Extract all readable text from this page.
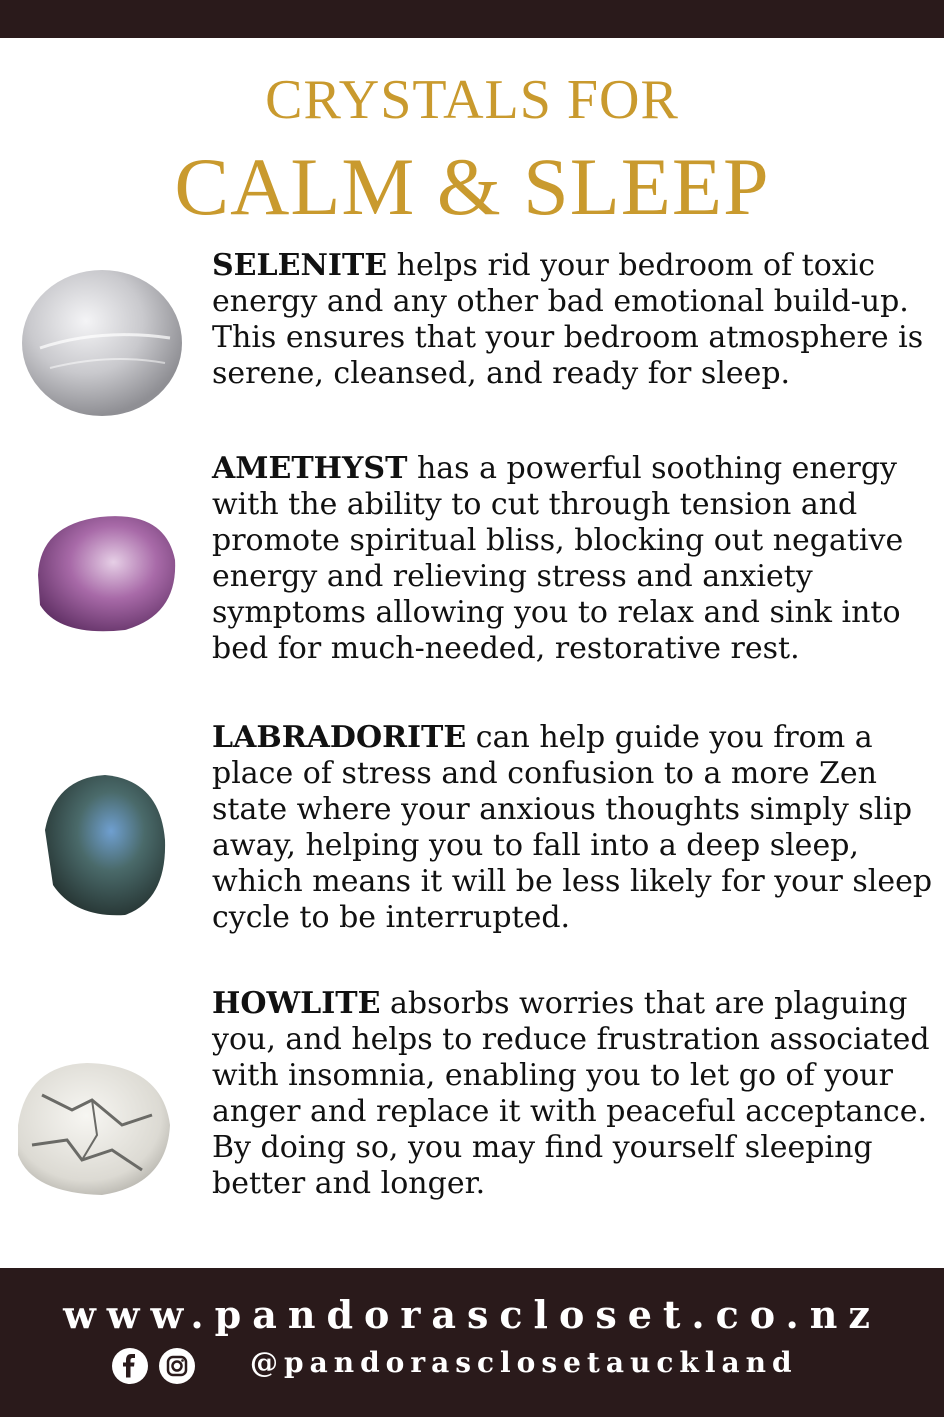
CRYSTALS FOR
CALM & SLEEP
SELENITE helps rid your bedroom of toxic energy and any other bad emotional build-up. This ensures that your bedroom atmosphere is serene, cleansed, and ready for sleep.
AMETHYST has a powerful soothing energy with the ability to cut through tension and promote spiritual bliss, blocking out negative energy and relieving stress and anxiety symptoms allowing you to relax and sink into bed for much-needed, restorative rest.
LABRADORITE can help guide you from a place of stress and confusion to a more Zen state where your anxious thoughts simply slip away, helping you to fall into a deep sleep, which means it will be less likely for your sleep cycle to be interrupted.
HOWLITE absorbs worries that are plaguing you, and helps to reduce frustration associated with insomnia, enabling you to let go of your anger and replace it with peaceful acceptance. By doing so, you may find yourself sleeping better and longer.
www.pandorascloset.co.nz
@pandorasclosetauckland
